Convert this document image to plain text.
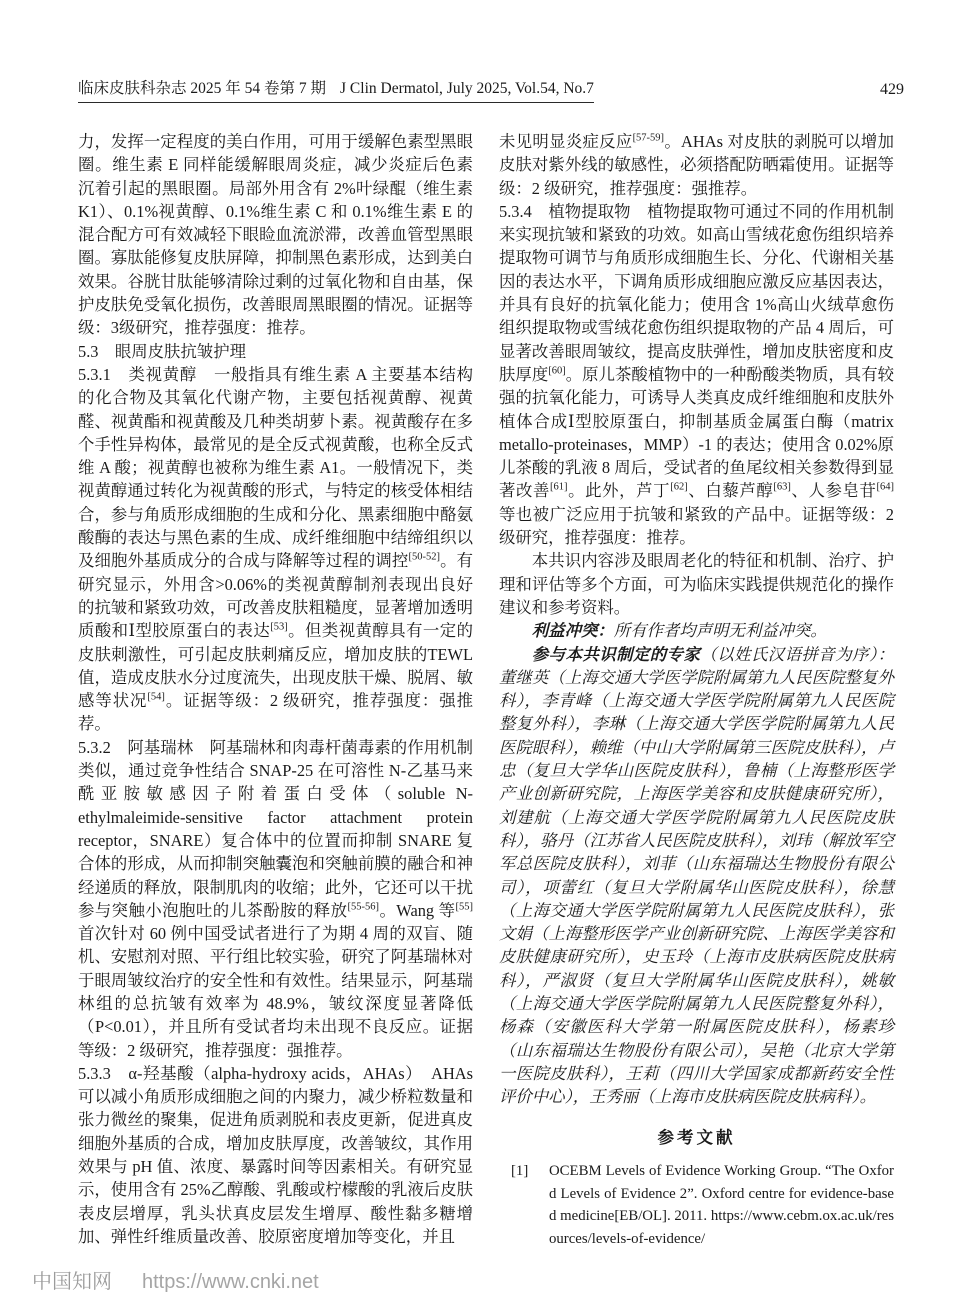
临床皮肤科杂志 2025 年 54 卷第 7 期 J Clin Dermatol, July 2025, Vol.54, No.7	429

力，发挥一定程度的美白作用，可用于缓解色素型黑眼圈。维生素 E 同样能缓解眼周炎症，减少炎症后色素沉着引起的黑眼圈。局部外用含有 2%叶绿醌（维生素K1）、0.1%视黄醇、0.1%维生素 C 和 0.1%维生素 E 的混合配方可有效减轻下眼睑血流淤滞，改善血管型黑眼圈。寡肽能修复皮肤屏障，抑制黑色素形成，达到美白效果。谷胱甘肽能够清除过剩的过氧化物和自由基，保护皮肤免受氧化损伤，改善眼周黑眼圈的情况。证据等级：3级研究，推荐强度：推荐。

5.3　眼周皮肤抗皱护理

5.3.1　类视黄醇　一般指具有维生素 A 主要基本结构的化合物及其氧化代谢产物，主要包括视黄醇、视黄醛、视黄酯和视黄酸及几种类胡萝卜素。视黄酸存在多个手性异构体，最常见的是全反式视黄酸，也称全反式维 A 酸；视黄醇也被称为维生素 A1。一般情况下，类视黄醇通过转化为视黄酸的形式，与特定的核受体相结合，参与角质形成细胞的生成和分化、黑素细胞中酪氨酸酶的表达与黑色素的生成、成纤维细胞中结缔组织以及细胞外基质成分的合成与降解等过程的调控[50-52]。有研究显示，外用含>0.06%的类视黄醇制剂表现出良好的抗皱和紧致功效，可改善皮肤粗糙度，显著增加透明质酸和Ⅰ型胶原蛋白的表达[53]。但类视黄醇具有一定的皮肤刺激性，可引起皮肤刺痛反应，增加皮肤的TEWL值，造成皮肤水分过度流失，出现皮肤干燥、脱屑、敏感等状况[54]。证据等级：2 级研究，推荐强度：强推荐。

5.3.2　阿基瑞林　阿基瑞林和肉毒杆菌毒素的作用机制类似，通过竞争性结合 SNAP-25 在可溶性 N-乙基马来酰亚胺敏感因子附着蛋白受体（soluble N-ethylmaleimide-sensitive factor attachment protein receptor，SNARE）复合体中的位置而抑制 SNARE 复合体的形成，从而抑制突触囊泡和突触前膜的融合和神经递质的释放，限制肌肉的收缩；此外，它还可以干扰参与突触小泡胞吐的儿茶酚胺的释放[55-56]。Wang 等[55]首次针对 60 例中国受试者进行了为期 4 周的双盲、随机、安慰剂对照、平行组比较实验，研究了阿基瑞林对于眼周皱纹治疗的安全性和有效性。结果显示，阿基瑞林组的总抗皱有效率为 48.9%，皱纹深度显著降低（P<0.01），并且所有受试者均未出现不良反应。证据等级：2 级研究，推荐强度：强推荐。

5.3.3　α-羟基酸（alpha-hydroxy acids，AHAs）　AHAs可以减小角质形成细胞之间的内聚力，减少桥粒数量和张力微丝的聚集，促进角质剥脱和表皮更新，促进真皮细胞外基质的合成，增加皮肤厚度，改善皱纹，其作用效果与 pH 值、浓度、暴露时间等因素相关。有研究显示，使用含有 25%乙醇酸、乳酸或柠檬酸的乳液后皮肤表皮层增厚，乳头状真皮层发生增厚、酸性黏多糖增加、弹性纤维质量改善、胶原密度增加等变化，并且

未见明显炎症反应[57-59]。AHAs 对皮肤的剥脱可以增加皮肤对紫外线的敏感性，必须搭配防晒霜使用。证据等级：2 级研究，推荐强度：强推荐。

5.3.4　植物提取物　植物提取物可通过不同的作用机制来实现抗皱和紧致的功效。如高山雪绒花愈伤组织培养提取物可调节与角质形成细胞生长、分化、代谢相关基因的表达水平，下调角质形成细胞应激反应基因表达，并具有良好的抗氧化能力；使用含 1%高山火绒草愈伤组织提取物或雪绒花愈伤组织提取物的产品 4 周后，可显著改善眼周皱纹，提高皮肤弹性，增加皮肤密度和皮肤厚度[60]。原儿茶酸植物中的一种酚酸类物质，具有较强的抗氧化能力，可诱导人类真皮成纤维细胞和皮肤外植体合成Ⅰ型胶原蛋白，抑制基质金属蛋白酶（matrix metallo-proteinases，MMP）-1 的表达；使用含 0.02%原儿茶酸的乳液 8 周后，受试者的鱼尾纹相关参数得到显著改善[61]。此外，芦丁[62]、白藜芦醇[63]、人参皂苷[64]等也被广泛应用于抗皱和紧致的产品中。证据等级：2 级研究，推荐强度：推荐。

本共识内容涉及眼周老化的特征和机制、治疗、护理和评估等多个方面，可为临床实践提供规范化的操作建议和参考资料。

利益冲突：所有作者均声明无利益冲突。

参与本共识制定的专家（以姓氏汉语拼音为序）：董继英（上海交通大学医学院附属第九人民医院整复外科），李青峰（上海交通大学医学院附属第九人民医院整复外科），李琳（上海交通大学医学院附属第九人民医院眼科），赖维（中山大学附属第三医院皮肤科），卢忠（复旦大学华山医院皮肤科），鲁楠（上海整形医学产业创新研究院，上海医学美容和皮肤健康研究所），刘建航（上海交通大学医学院附属第九人民医院皮肤科），骆丹（江苏省人民医院皮肤科），刘玮（解放军空军总医院皮肤科），刘菲（山东福瑞达生物股份有限公司），项蕾红（复旦大学附属华山医院皮肤科），徐慧（上海交通大学医学院附属第九人民医院皮肤科），张文娟（上海整形医学产业创新研究院、上海医学美容和皮肤健康研究所），史玉玲（上海市皮肤病医院皮肤病科），严淑贤（复旦大学附属华山医院皮肤科），姚敏（上海交通大学医学院附属第九人民医院整复外科），杨森（安徽医科大学第一附属医院皮肤科），杨素珍（山东福瑞达生物股份有限公司），吴艳（北京大学第一医院皮肤科），王莉（四川大学国家成都新药安全性评价中心），王秀丽（上海市皮肤病医院皮肤病科）。

参考文献
[1]	OCEBM Levels of Evidence Working Group. “The Oxford Levels of Evidence 2”. Oxford centre for evidence-based medicine[EB/OL]. 2011. https://www.cebm.ox.ac.uk/resources/levels-of-evidence/
中国知网 https://www.cnki.net
